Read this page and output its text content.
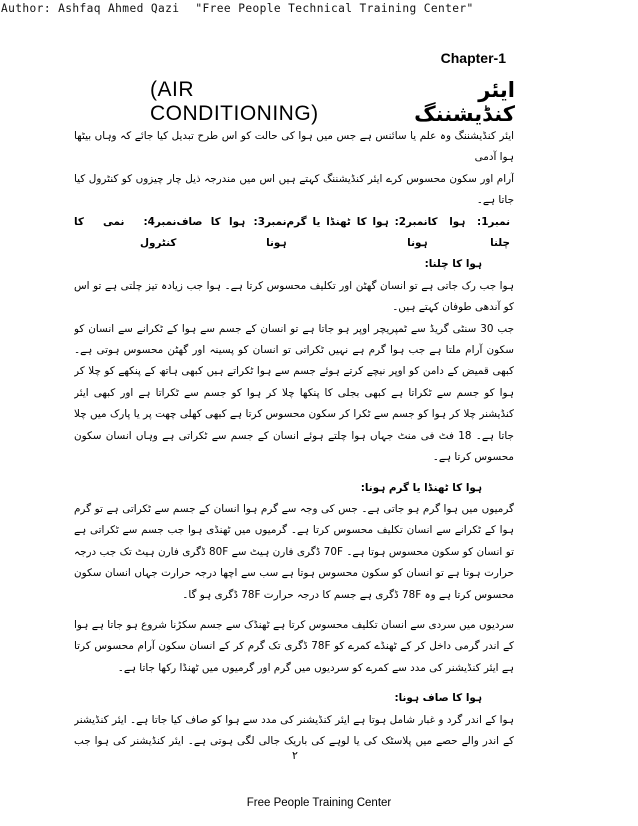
Author: Ashfaq Ahmed Qazi "Free People Technical Training Center"
Chapter-1
(AIR CONDITIONING)
ایئر کنڈیشننگ

ایئر کنڈیشننگ وہ علم یا سائنس ہے جس میں ہوا کی حالت کو اس طرح تبدیل کیا جائے کہ وہاں بیٹھا ہوا آدمی

آرام اور سکون محسوس کرے ایئر کنڈیشننگ کہتے ہیں اس میں مندرجہ ذیل چار چیزوں کو کنٹرول کیا جاتا ہے۔

نمبر1: ہوا کا چلنا
نمبر2: ہوا کا ٹھنڈا یا گرم ہونا
نمبر3: ہوا کا صاف ہونا
نمبر4: نمی کا کنٹرول

ہوا کا چلنا:

ہوا جب رک جاتی ہے تو انسان گھٹن اور تکلیف محسوس کرتا ہے۔ ہوا جب زیادہ تیز چلتی ہے تو اس کو آندھی طوفان کہتے ہیں۔

جب 30 سنٹی گریڈ سے ٹمپریچر اوپر ہو جاتا ہے تو انسان کے جسم سے ہوا کے ٹکرانے سے انسان کو سکون آرام ملتا ہے جب ہوا گرم ہے نہیں ٹکراتی تو انسان کو پسینہ اور گھٹن محسوس ہوتی ہے۔ کبھی قمیض کے دامن کو اوپر نیچے کرتے ہوئے جسم سے ہوا ٹکراتے ہیں کبھی ہاتھ کے پنکھے کو چلا کر ہوا کو جسم سے ٹکراتا ہے کبھی بجلی کا پنکھا چلا کر ہوا کو جسم سے ٹکراتا ہے اور کبھی ایئر کنڈیشنر چلا کر ہوا کو جسم سے ٹکرا کر سکون محسوس کرتا ہے کبھی کھلی چھت پر یا پارک میں چلا جاتا ہے۔ 18 فٹ فی منٹ جہاں ہوا چلتے ہوئے انسان کے جسم سے ٹکراتی ہے وہاں انسان سکون محسوس کرتا ہے۔

ہوا کا ٹھنڈا یا گرم ہونا:

گرمیوں میں ہوا گرم ہو جاتی ہے۔ جس کی وجہ سے گرم ہوا انسان کے جسم سے ٹکراتی ہے تو گرم ہوا کے ٹکرانے سے انسان تکلیف محسوس کرتا ہے۔ گرمیوں میں ٹھنڈی ہوا جب جسم سے ٹکراتی ہے تو انسان کو سکون محسوس ہوتا ہے۔ 70F ڈگری فارن ہیٹ سے 80F ڈگری فارن ہیٹ تک جب درجہ حرارت ہوتا ہے تو انسان کو سکون محسوس ہوتا ہے سب سے اچھا درجہ حرارت جہاں انسان سکون محسوس کرتا ہے وہ 78F ڈگری ہے جسم کا درجہ حرارت 78F ڈگری ہو گا۔

سردیوں میں سردی سے انسان تکلیف محسوس کرتا ہے ٹھنڈک سے جسم سکڑنا شروع ہو جاتا ہے ہوا کے اندر گرمی داخل کر کے ٹھنڈے کمرے کو 78F ڈگری تک گرم کر کے انسان سکون آرام محسوس کرتا ہے ایئر کنڈیشنر کی مدد سے کمرے کو سردیوں میں گرم اور گرمیوں میں ٹھنڈا رکھا جاتا ہے۔

ہوا کا صاف ہونا:

ہوا کے اندر گرد و غبار شامل ہوتا ہے ایئر کنڈیشنر کی مدد سے ہوا کو صاف کیا جاتا ہے۔ ایئر کنڈیشنر کے اندر والے حصے میں پلاسٹک کی یا لوہے کی باریک جالی لگی ہوتی ہے۔ ایئر کنڈیشنر کی ہوا جب

۲
Free People Training Center
